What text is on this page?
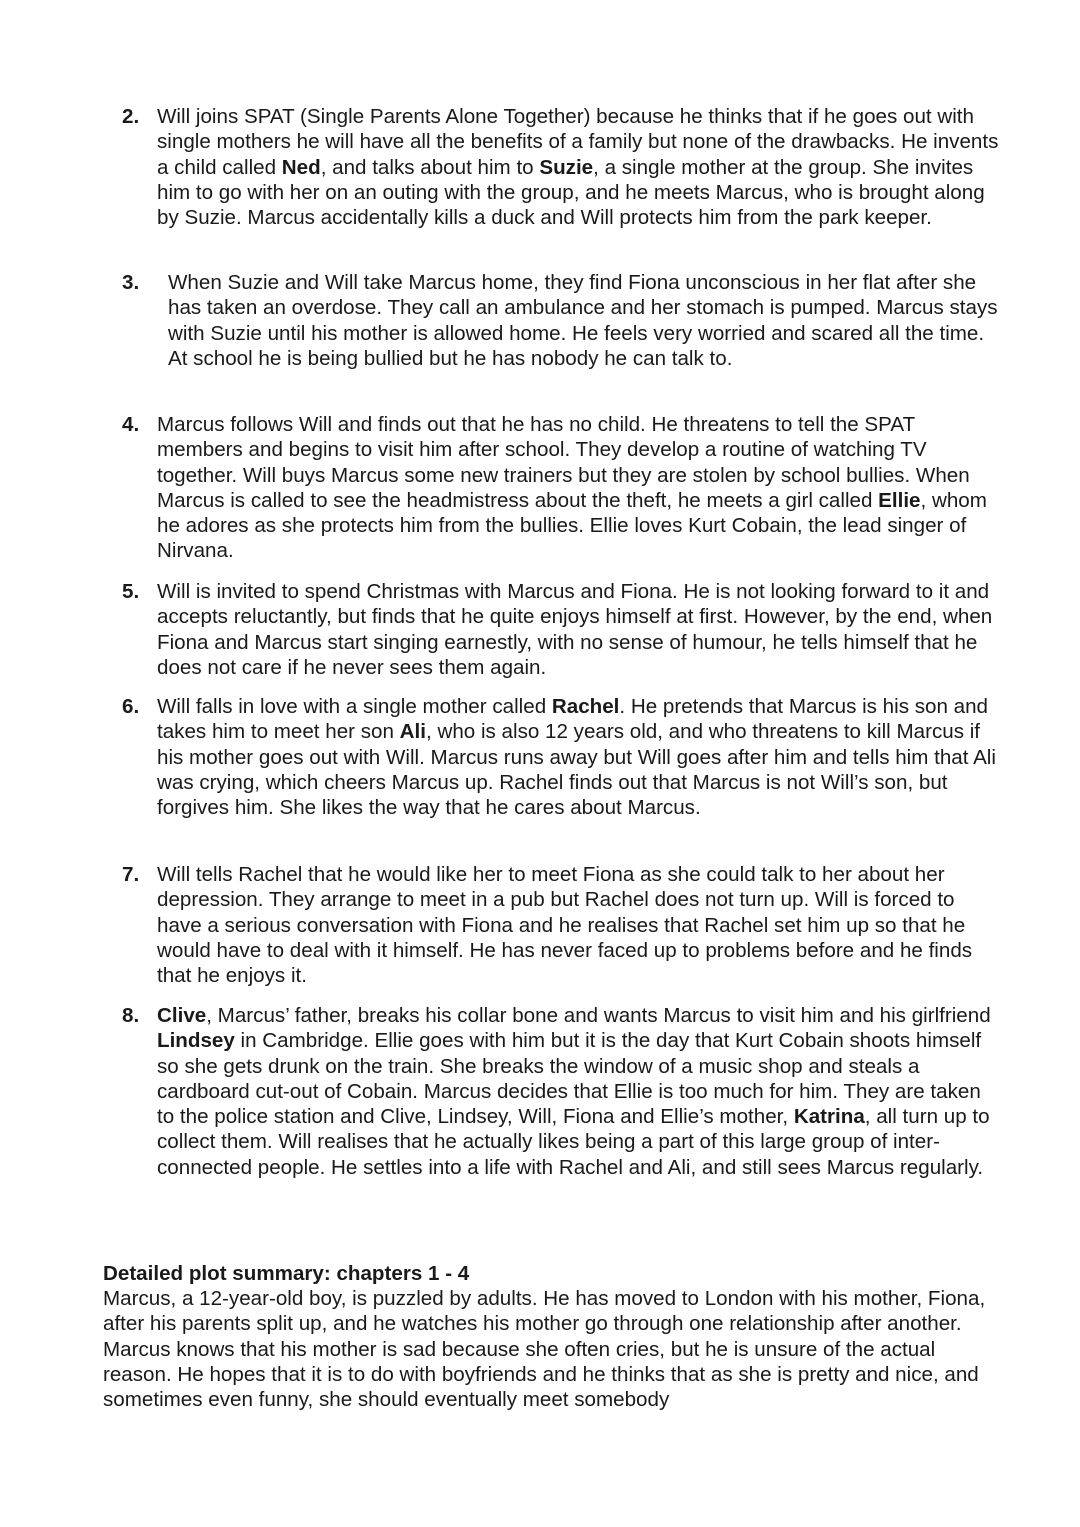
2. Will joins SPAT (Single Parents Alone Together) because he thinks that if he goes out with single mothers he will have all the benefits of a family but none of the drawbacks. He invents a child called Ned, and talks about him to Suzie, a single mother at the group. She invites him to go with her on an outing with the group, and he meets Marcus, who is brought along by Suzie. Marcus accidentally kills a duck and Will protects him from the park keeper.
3. When Suzie and Will take Marcus home, they find Fiona unconscious in her flat after she has taken an overdose. They call an ambulance and her stomach is pumped. Marcus stays with Suzie until his mother is allowed home. He feels very worried and scared all the time. At school he is being bullied but he has nobody he can talk to.
4. Marcus follows Will and finds out that he has no child. He threatens to tell the SPAT members and begins to visit him after school. They develop a routine of watching TV together. Will buys Marcus some new trainers but they are stolen by school bullies. When Marcus is called to see the headmistress about the theft, he meets a girl called Ellie, whom he adores as she protects him from the bullies. Ellie loves Kurt Cobain, the lead singer of Nirvana.
5. Will is invited to spend Christmas with Marcus and Fiona. He is not looking forward to it and accepts reluctantly, but finds that he quite enjoys himself at first. However, by the end, when Fiona and Marcus start singing earnestly, with no sense of humour, he tells himself that he does not care if he never sees them again.
6. Will falls in love with a single mother called Rachel. He pretends that Marcus is his son and takes him to meet her son Ali, who is also 12 years old, and who threatens to kill Marcus if his mother goes out with Will. Marcus runs away but Will goes after him and tells him that Ali was crying, which cheers Marcus up. Rachel finds out that Marcus is not Will’s son, but forgives him. She likes the way that he cares about Marcus.
7. Will tells Rachel that he would like her to meet Fiona as she could talk to her about her depression. They arrange to meet in a pub but Rachel does not turn up. Will is forced to have a serious conversation with Fiona and he realises that Rachel set him up so that he would have to deal with it himself. He has never faced up to problems before and he finds that he enjoys it.
8. Clive, Marcus’ father, breaks his collar bone and wants Marcus to visit him and his girlfriend Lindsey in Cambridge. Ellie goes with him but it is the day that Kurt Cobain shoots himself so she gets drunk on the train. She breaks the window of a music shop and steals a cardboard cut-out of Cobain. Marcus decides that Ellie is too much for him. They are taken to the police station and Clive, Lindsey, Will, Fiona and Ellie’s mother, Katrina, all turn up to collect them. Will realises that he actually likes being a part of this large group of inter-connected people. He settles into a life with Rachel and Ali, and still sees Marcus regularly.
Detailed plot summary: chapters 1 - 4
Marcus, a 12-year-old boy, is puzzled by adults. He has moved to London with his mother, Fiona, after his parents split up, and he watches his mother go through one relationship after another. Marcus knows that his mother is sad because she often cries, but he is unsure of the actual reason. He hopes that it is to do with boyfriends and he thinks that as she is pretty and nice, and sometimes even funny, she should eventually meet somebody
